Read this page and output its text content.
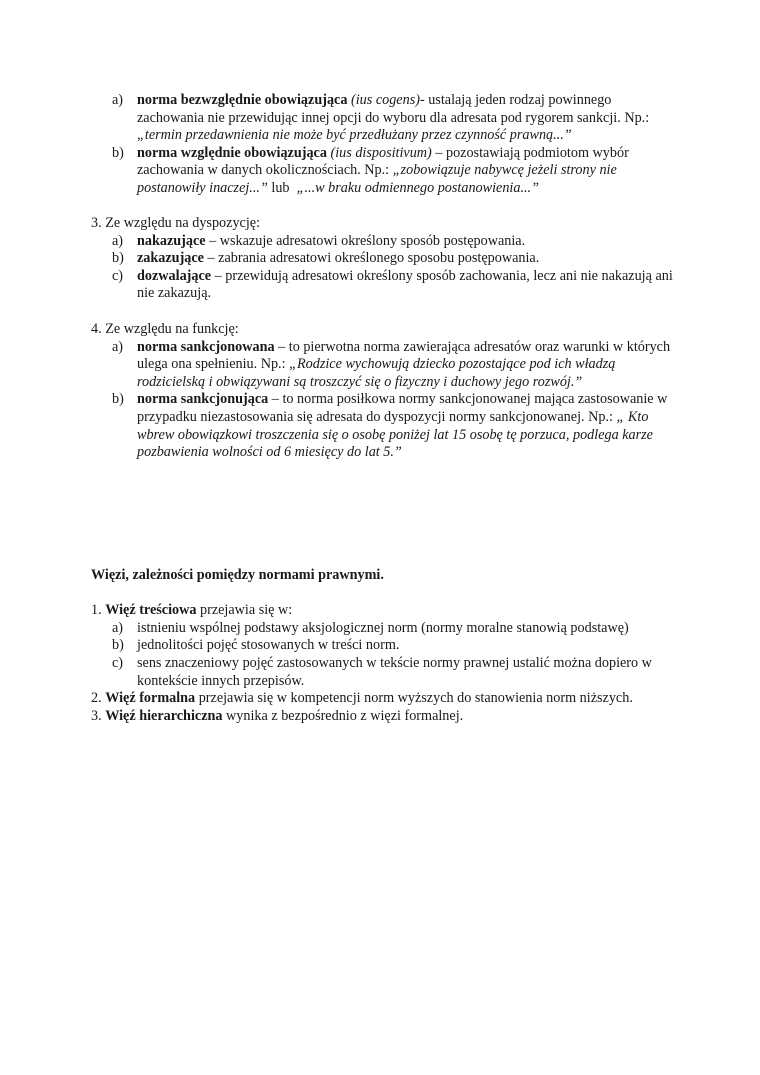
a) norma bezwzględnie obowiązująca (ius cogens)- ustalają jeden rodzaj powinnego zachowania nie przewidując innej opcji do wyboru dla adresata pod rygorem sankcji. Np.: „termin przedawnienia nie może być przedłużany przez czynność prawną...”
b) norma względnie obowiązująca (ius dispositivum) – pozostawiają podmiotom wybór zachowania w danych okolicznościach. Np.: „zobowiązuje nabywcę jeżeli strony nie postanowiły inaczej...” lub  „...w braku odmiennego postanowienia...”
3. Ze względu na dyspozycję:
a) nakazujące – wskazuje adresatowi określony sposób postępowania.
b) zakazujące – zabrania adresatowi określonego sposobu postępowania.
c) dozwalające – przewidują adresatowi określony sposób zachowania, lecz ani nie nakazują ani nie zakazują.
4. Ze względu na funkcję:
a) norma sankcjonowana – to pierwotna norma zawierająca adresatów oraz warunki w których ulega ona spełnieniu. Np.: „Rodzice wychowują dziecko pozostające pod ich władzą rodzicielską i obwiązywani są troszczyć się o fizyczny i duchowy jego rozwój.”
b) norma sankcjonująca – to norma posiłkowa normy sankcjonowanej mająca zastosowanie w przypadku niezastosowania się adresata do dyspozycji normy sankcjonowanej. Np.: „ Kto wbrew obowiązkowi troszczenia się o osobę poniżej lat 15 osobę tę porzuca, podlega karze pozbawienia wolności od 6 miesięcy do lat 5.”
Więzi, zależności pomiędzy normami prawnymi.
1. Więź treściowa przejawia się w:
a) istnieniu wspólnej podstawy aksjologicznej norm (normy moralne stanowią podstawę)
b) jednolitości pojęć stosowanych w treści norm.
c) sens znaczeniowy pojęć zastosowanych w tekście normy prawnej ustalić można dopiero w kontekście innych przepisów.
2. Więź formalna przejawia się w kompetencji norm wyższych do stanowienia norm niższych.
3. Więź hierarchiczna wynika z bezpośrednio z więzi formalnej.
